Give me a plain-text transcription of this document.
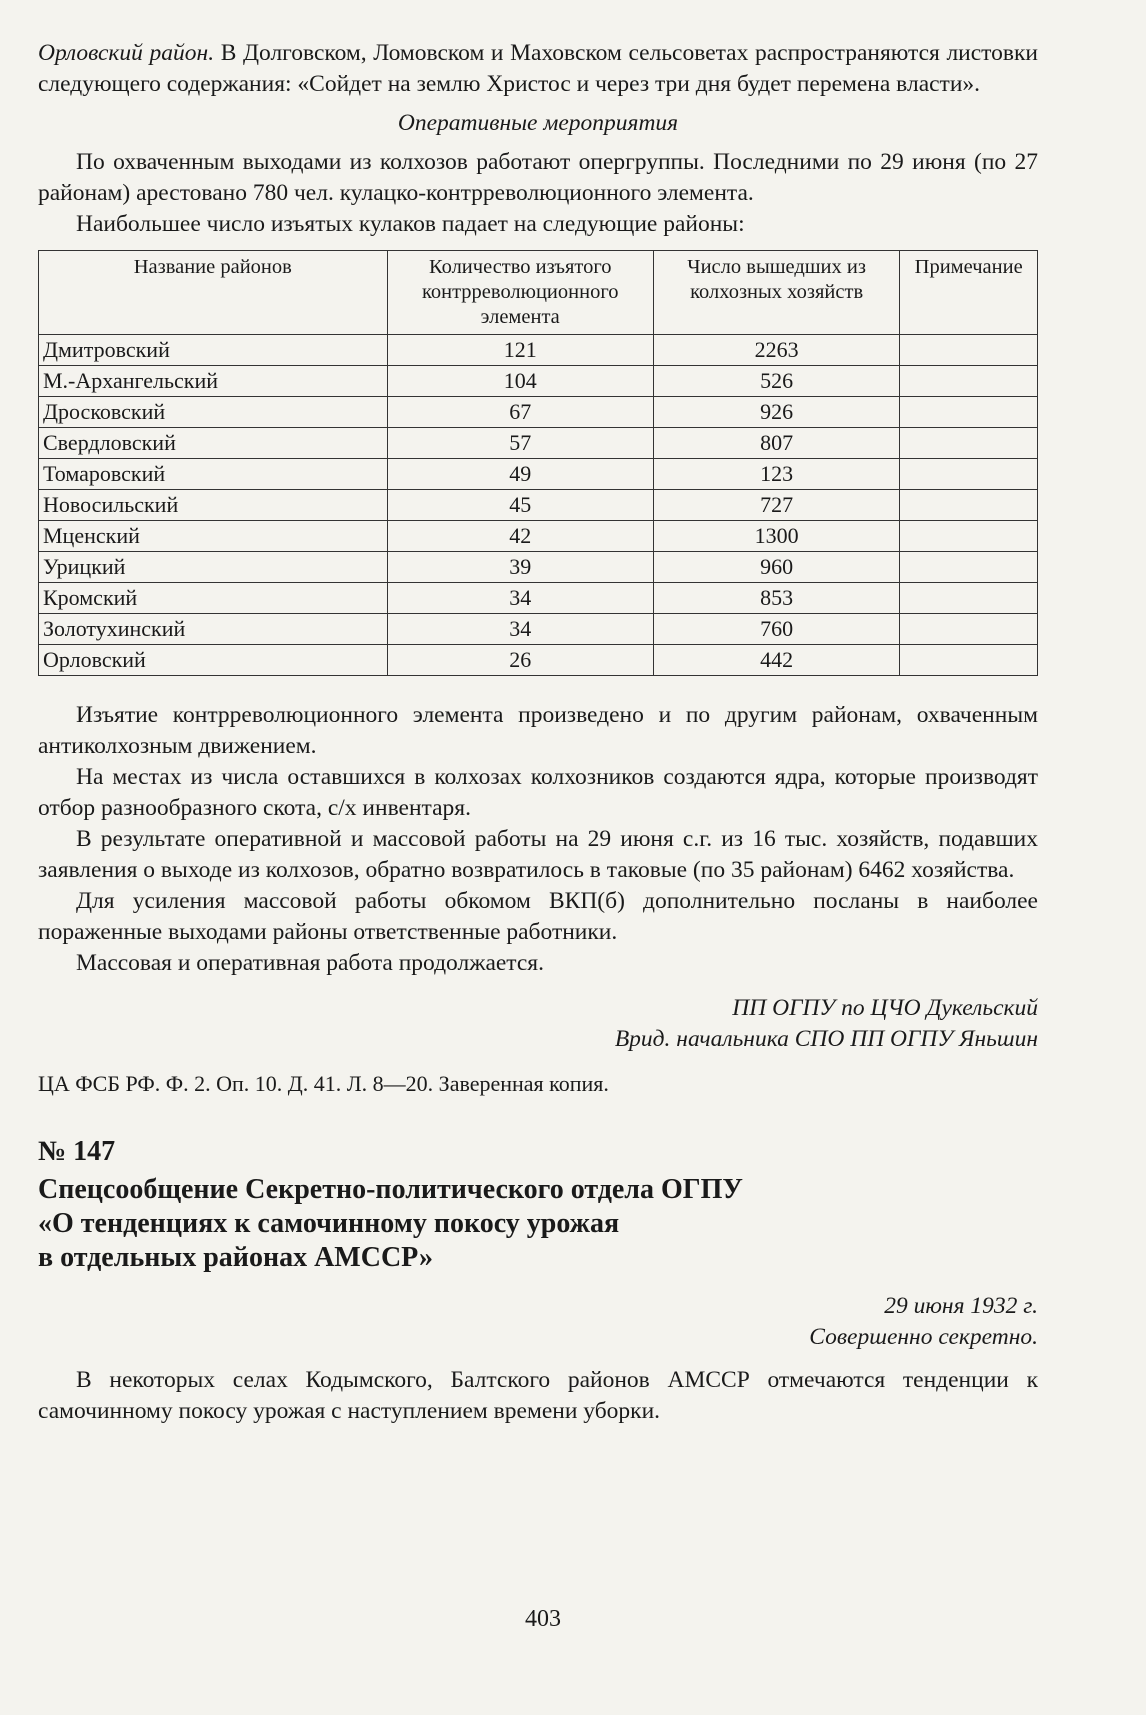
Орловский район. В Долговском, Ломовском и Маховском сельсоветах распространяются листовки следующего содержания: «Сойдет на землю Христос и через три дня будет перемена власти».

Оперативные мероприятия

По охваченным выходами из колхозов работают опергруппы. Последними по 29 июня (по 27 районам) арестовано 780 чел. кулацко-контрреволюционного элемента.

Наибольшее число изъятых кулаков падает на следующие районы:

Название районов	Количество изъятого контрреволюционного элемента	Число вышедших из колхозных хозяйств	Примечание
Дмитровский	121	2263	
М.-Архангельский	104	526	
Дросковский	67	926	
Свердловский	57	807	
Томаровский	49	123	
Новосильский	45	727	
Мценский	42	1300	
Урицкий	39	960	
Кромский	34	853	
Золотухинский	34	760	
Орловский	26	442	

Изъятие контрреволюционного элемента произведено и по другим районам, охваченным антиколхозным движением.

На местах из числа оставшихся в колхозах колхозников создаются ядра, которые производят отбор разнообразного скота, с/х инвентаря.

В результате оперативной и массовой работы на 29 июня с.г. из 16 тыс. хозяйств, подавших заявления о выходе из колхозов, обратно возвратилось в таковые (по 35 районам) 6462 хозяйства.

Для усиления массовой работы обкомом ВКП(б) дополнительно посланы в наиболее пораженные выходами районы ответственные работники.

Массовая и оперативная работа продолжается.

ПП ОГПУ по ЦЧО Дукельский

Врид. начальника СПО ПП ОГПУ Яньшин

ЦА ФСБ РФ. Ф. 2. Оп. 10. Д. 41. Л. 8—20. Заверенная копия.

№ 147

Спецсообщение Секретно-политического отдела ОГПУ
«О тенденциях к самочинному покосу урожая
в отдельных районах АМССР»

29 июня 1932 г.

Совершенно секретно.

В некоторых селах Кодымского, Балтского районов АМССР отмечаются тенденции к самочинному покосу урожая с наступлением времени уборки.

403
